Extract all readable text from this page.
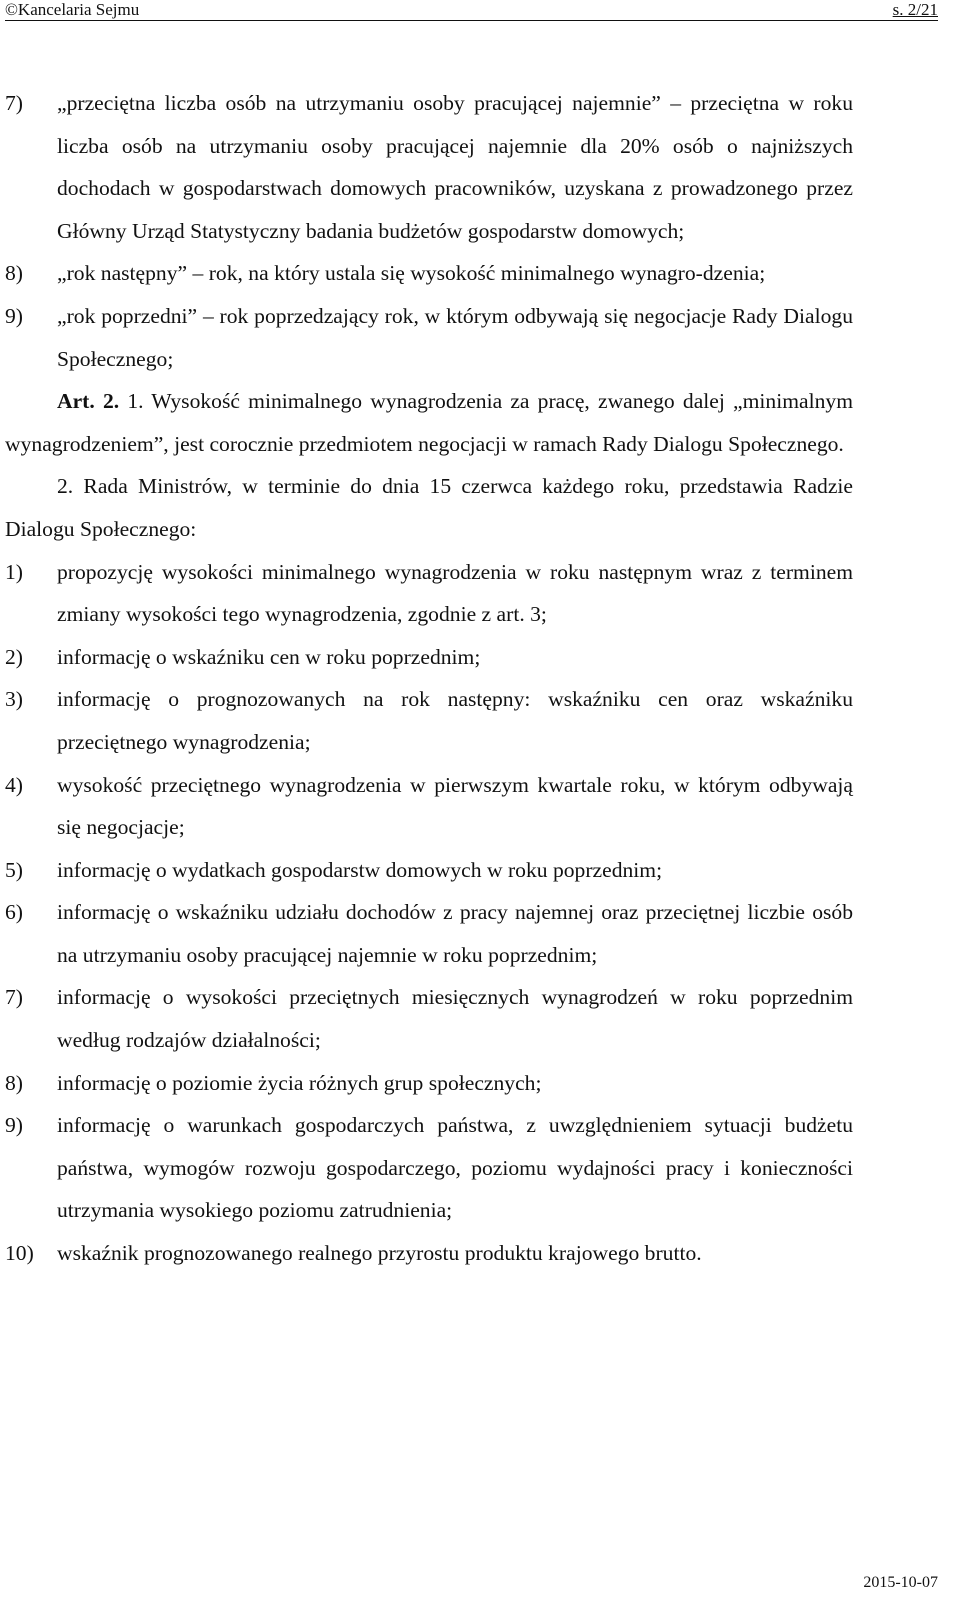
©Kancelaria Sejmu	s. 2/21
7) „przeciętna liczba osób na utrzymaniu osoby pracującej najemnie” – przeciętna w roku liczba osób na utrzymaniu osoby pracującej najemnie dla 20% osób o najniższych dochodach w gospodarstwach domowych pracowników, uzyskana z prowadzonego przez Główny Urząd Statystyczny badania budżetów gospodarstw domowych;
8) „rok następny” – rok, na który ustala się wysokość minimalnego wynagro-dzenia;
9) „rok poprzedni” – rok poprzedzający rok, w którym odbywają się negocjacje Rady Dialogu Społecznego;
Art. 2. 1. Wysokość minimalnego wynagrodzenia za pracę, zwanego dalej „minimalnym wynagrodzeniem”, jest corocznie przedmiotem negocjacji w ramach Rady Dialogu Społecznego.
2. Rada Ministrów, w terminie do dnia 15 czerwca każdego roku, przedstawia Radzie Dialogu Społecznego:
1) propozycję wysokości minimalnego wynagrodzenia w roku następnym wraz z terminem zmiany wysokości tego wynagrodzenia, zgodnie z art. 3;
2) informację o wskaźniku cen w roku poprzednim;
3) informację o prognozowanych na rok następny: wskaźniku cen oraz wskaźniku przeciętnego wynagrodzenia;
4) wysokość przeciętnego wynagrodzenia w pierwszym kwartale roku, w którym odbywają się negocjacje;
5) informację o wydatkach gospodarstw domowych w roku poprzednim;
6) informację o wskaźniku udziału dochodów z pracy najemnej oraz przeciętnej liczbie osób na utrzymaniu osoby pracującej najemnie w roku poprzednim;
7) informację o wysokości przeciętnych miesięcznych wynagrodzeń w roku poprzednim według rodzajów działalności;
8) informację o poziomie życia różnych grup społecznych;
9) informację o warunkach gospodarczych państwa, z uwzględnieniem sytuacji budżetu państwa, wymogów rozwoju gospodarczego, poziomu wydajności pracy i konieczności utrzymania wysokiego poziomu zatrudnienia;
10) wskaźnik prognozowanego realnego przyrostu produktu krajowego brutto.
2015-10-07
